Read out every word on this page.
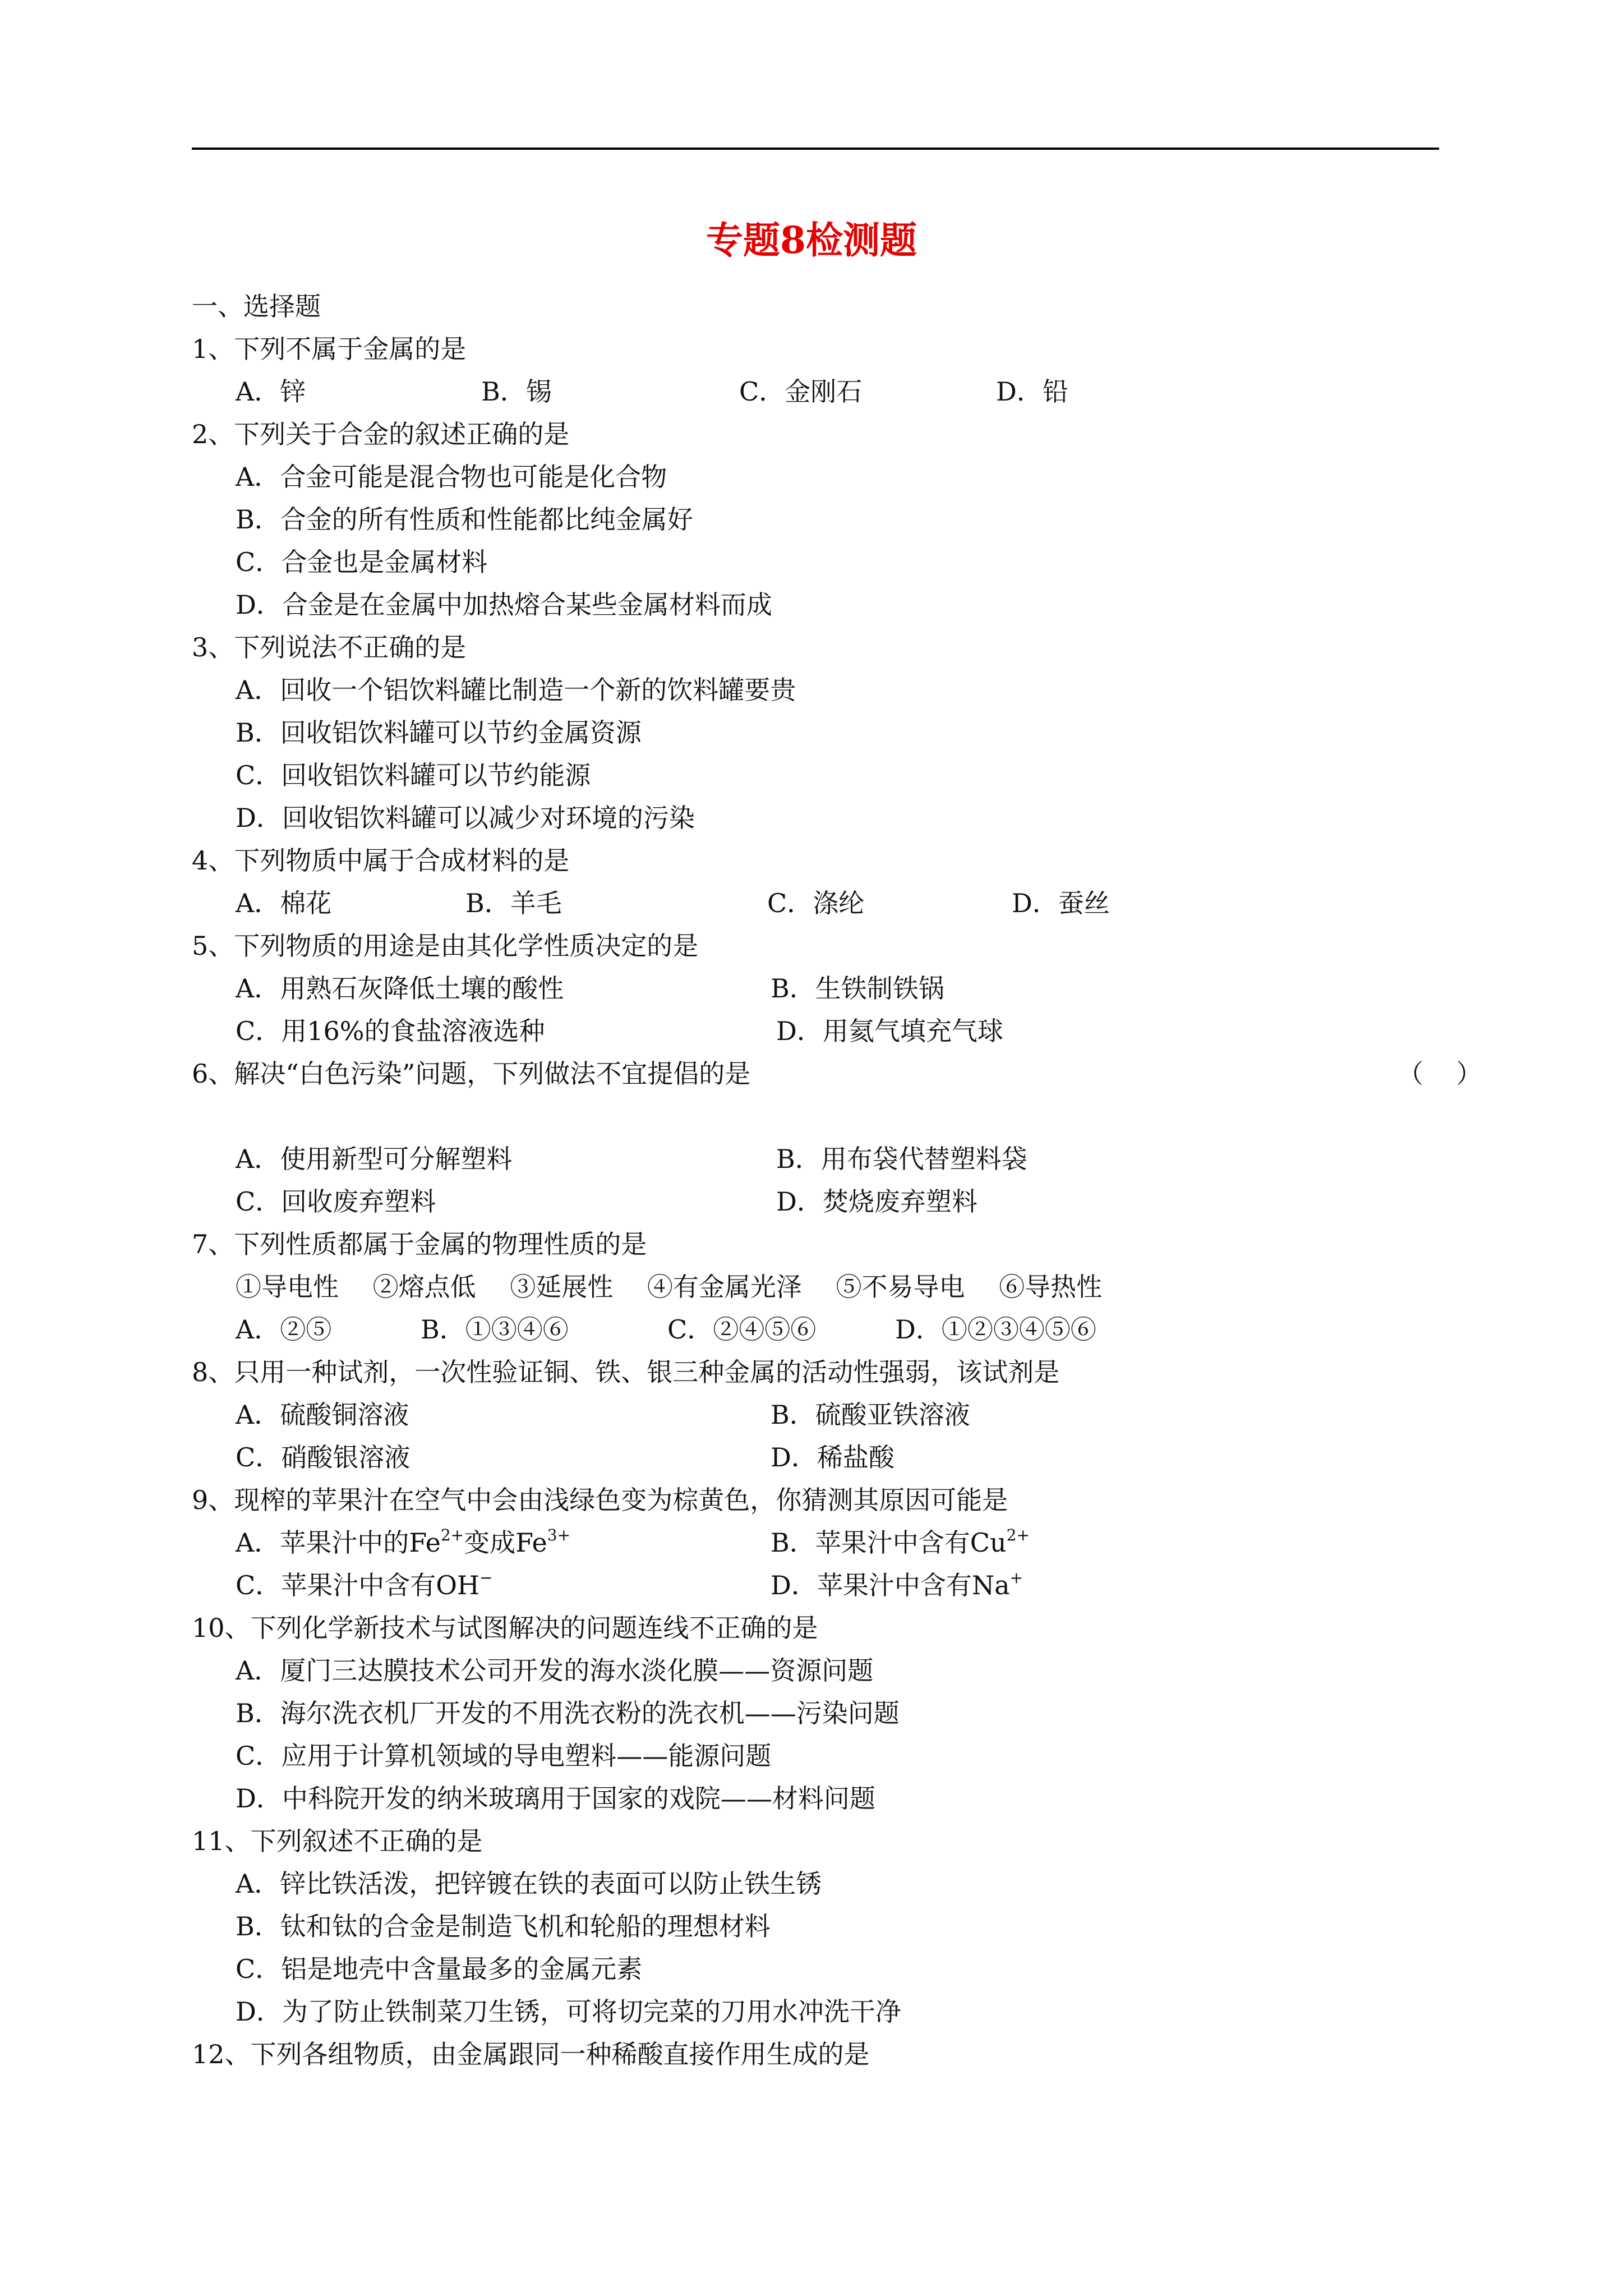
专题8检测题
一、选择题
1、下列不属于金属的是
A．锌	B．锡	C．金刚石	D．铅
2、下列关于合金的叙述正确的是
A．合金可能是混合物也可能是化合物
B．合金的所有性质和性能都比纯金属好
C．合金也是金属材料
D．合金是在金属中加热熔合某些金属材料而成
3、下列说法不正确的是
A．回收一个铝饮料罐比制造一个新的饮料罐要贵
B．回收铝饮料罐可以节约金属资源
C．回收铝饮料罐可以节约能源
D．回收铝饮料罐可以减少对环境的污染
4、下列物质中属于合成材料的是
A．棉花	B．羊毛	C．涤纶	D．蚕丝
5、下列物质的用途是由其化学性质决定的是
A．用熟石灰降低土壤的酸性	B．生铁制铁锅
C．用16%的食盐溶液选种	D．用氦气填充气球
6、解决“白色污染”问题，下列做法不宜提倡的是	（    ）
A．使用新型可分解塑料	B．用布袋代替塑料袋
C．回收废弃塑料	D．焚烧废弃塑料
7、下列性质都属于金属的物理性质的是
①导电性　 ②熔点低　 ③延展性　 ④有金属光泽　 ⑤不易导电　 ⑥导热性
A．②⑤	B．①③④⑥	C．②④⑤⑥	D．①②③④⑤⑥
8、只用一种试剂，一次性验证铜、铁、银三种金属的活动性强弱，该试剂是
A．硫酸铜溶液	B．硫酸亚铁溶液
C．硝酸银溶液	D．稀盐酸
9、现榨的苹果汁在空气中会由浅绿色变为棕黄色，你猜测其原因可能是
A．苹果汁中的$Fe^{2+}$变成$Fe^{3+}$	B．苹果汁中含有$Cu^{2+}$
C．苹果汁中含有OH−	D．苹果汁中含有Na+
10、下列化学新技术与试图解决的问题连线不正确的是
A．厦门三达膜技术公司开发的海水淡化膜——资源问题
B．海尔洗衣机厂开发的不用洗衣粉的洗衣机——污染问题
C．应用于计算机领域的导电塑料——能源问题
D．中科院开发的纳米玻璃用于国家的戏院——材料问题
11、下列叙述不正确的是
A．锌比铁活泼，把锌镀在铁的表面可以防止铁生锈
B．钛和钛的合金是制造飞机和轮船的理想材料
C．铝是地壳中含量最多的金属元素
D．为了防止铁制菜刀生锈，可将切完菜的刀用水冲洗干净
12、下列各组物质，由金属跟同一种稀酸直接作用生成的是
